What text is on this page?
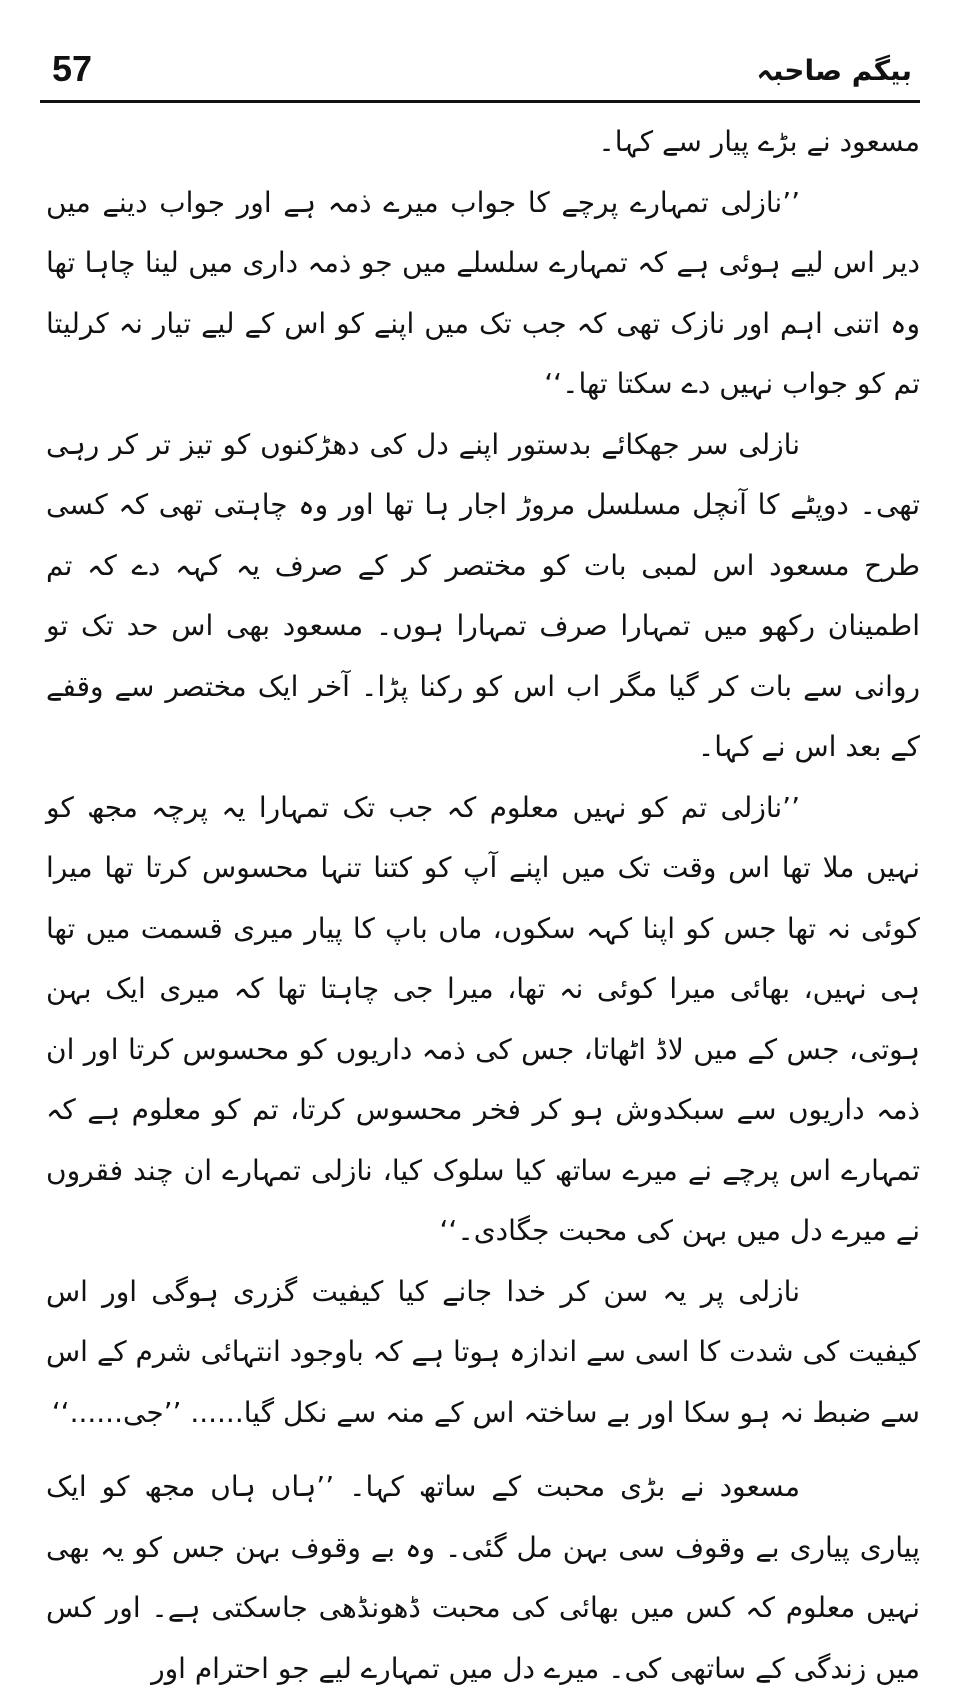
57	بیگم صاحبہ

مسعود نے بڑے پیار سے کہا۔

’’نازلی تمہارے پرچے کا جواب میرے ذمہ ہے اور جواب دینے میں دیر اس لیے ہوئی ہے کہ تمہارے سلسلے میں جو ذمہ داری میں لینا چاہا تھا وہ اتنی اہم اور نازک تھی کہ جب تک میں اپنے کو اس کے لیے تیار نہ کرلیتا تم کو جواب نہیں دے سکتا تھا۔‘‘

نازلی سر جھکائے بدستور اپنے دل کی دھڑکنوں کو تیز تر کر رہی تھی۔ دوپٹے کا آنچل مسلسل مروڑ اجار ہا تھا اور وہ چاہتی تھی کہ کسی طرح مسعود اس لمبی بات کو مختصر کر کے صرف یہ کہہ دے کہ تم اطمینان رکھو میں تمہارا صرف تمہارا ہوں۔ مسعود بھی اس حد تک تو روانی سے بات کر گیا مگر اب اس کو رکنا پڑا۔ آخر ایک مختصر سے وقفے کے بعد اس نے کہا۔

’’نازلی تم کو نہیں معلوم کہ جب تک تمہارا یہ پرچہ مجھ کو نہیں ملا تھا اس وقت تک میں اپنے آپ کو کتنا تنہا محسوس کرتا تھا میرا کوئی نہ تھا جس کو اپنا کہہ سکوں، ماں باپ کا پیار میری قسمت میں تھا ہی نہیں، بھائی میرا کوئی نہ تھا، میرا جی چاہتا تھا کہ میری ایک بہن ہوتی، جس کے میں لاڈ اٹھاتا، جس کی ذمہ داریوں کو محسوس کرتا اور ان ذمہ داریوں سے سبکدوش ہو کر فخر محسوس کرتا، تم کو معلوم ہے کہ تمہارے اس پرچے نے میرے ساتھ کیا سلوک کیا، نازلی تمہارے ان چند فقروں نے میرے دل میں بہن کی محبت جگادی۔‘‘

نازلی پر یہ سن کر خدا جانے کیا کیفیت گزری ہوگی اور اس کیفیت کی شدت کا اسی سے اندازہ ہوتا ہے کہ باوجود انتہائی شرم کے اس سے ضبط نہ ہو سکا اور بے ساختہ اس کے منہ سے نکل گیا...... ’’جی......‘‘

مسعود نے بڑی محبت کے ساتھ کہا۔ ’’ہاں ہاں مجھ کو ایک پیاری پیاری بے وقوف سی بہن مل گئی۔ وہ بے وقوف بہن جس کو یہ بھی نہیں معلوم کہ کس میں بھائی کی محبت ڈھونڈھی جاسکتی ہے۔ اور کس میں زندگی کے ساتھی کی۔ میرے دل میں تمہارے لیے جو احترام اور
